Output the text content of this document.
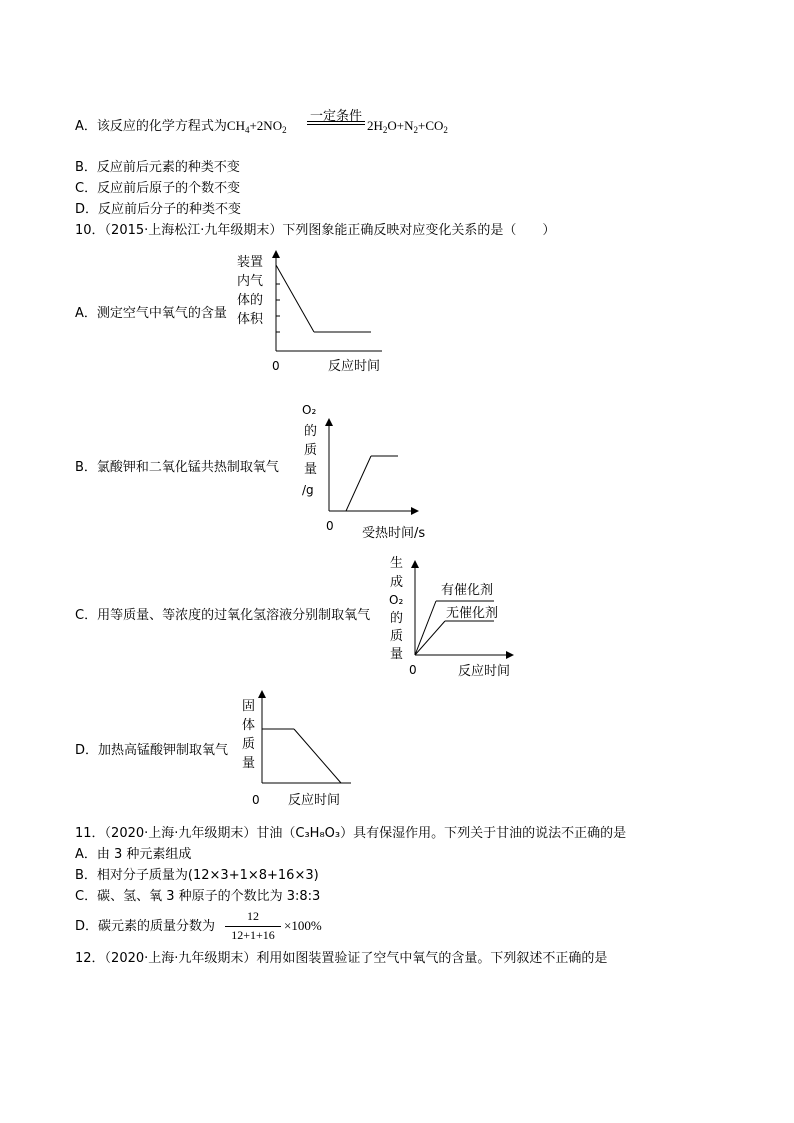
A．该反应的化学方程式为$CH_4+2NO_2$
一定条件
$2H_2O+N_2+CO_2$
B．反应前后元素的种类不变
C．反应前后原子的个数不变
D．反应前后分子的种类不变
10．（2015·上海松江·九年级期末）下列图象能正确反映对应变化关系的是（　　）
A．测定空气中氧气的含量
B．氯酸钾和二氧化锰共热制取氧气
C．用等质量、等浓度的过氧化氢溶液分别制取氧气
D．加热高锰酸钾制取氧气
装置
内气
体的
体积
0	反应时间
O₂
的
质
量
/g
0 受热时间/s
生
成
O₂
的
质
量
0	反应时间
有催化剂
无催化剂
固
体
质
量
0 反应时间
11．（2020·上海·九年级期末）甘油（C₃H₈O₃）具有保湿作用。下列关于甘油的说法不正确的是
A．由 3 种元素组成
B．相对分子质量为(12×3+1×8+16×3)
C．碳、氢、氧 3 种原子的个数比为 3:8:3
D．碳元素的质量分数为
12
12+1+16
×100%
12．（2020·上海·九年级期末）利用如图装置验证了空气中氧气的含量。下列叙述不正确的是
